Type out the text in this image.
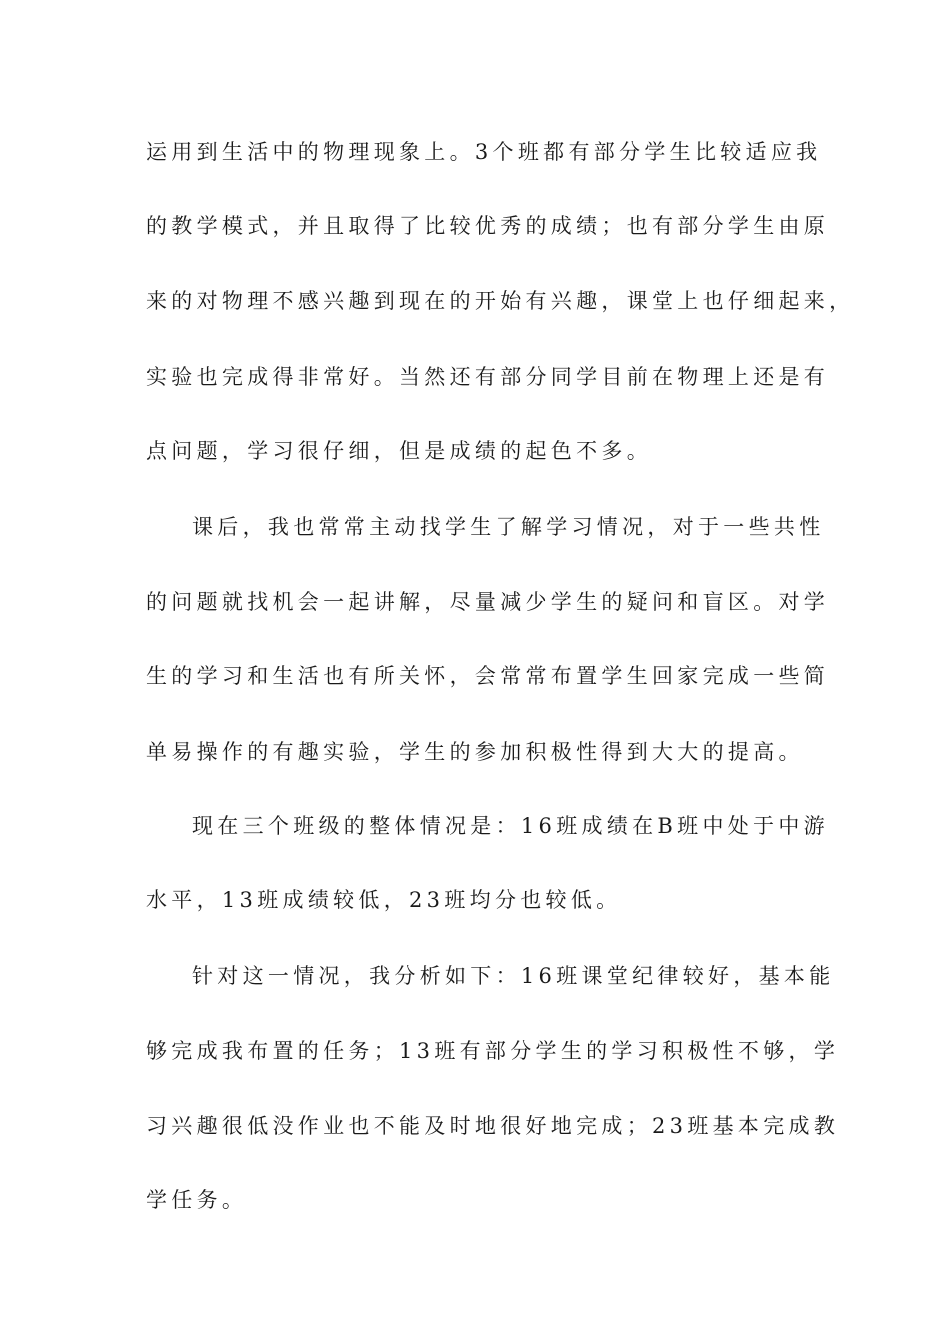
运用到生活中的物理现象上。3个班都有部分学生比较适应我
的教学模式，并且取得了比较优秀的成绩；也有部分学生由原
来的对物理不感兴趣到现在的开始有兴趣，课堂上也仔细起来，
实验也完成得非常好。当然还有部分同学目前在物理上还是有
点问题，学习很仔细，但是成绩的起色不多。
课后，我也常常主动找学生了解学习情况，对于一些共性
的问题就找机会一起讲解，尽量减少学生的疑问和盲区。对学
生的学习和生活也有所关怀，会常常布置学生回家完成一些简
单易操作的有趣实验，学生的参加积极性得到大大的提高。
现在三个班级的整体情况是：16班成绩在B班中处于中游
水平，13班成绩较低，23班均分也较低。
针对这一情况，我分析如下：16班课堂纪律较好，基本能
够完成我布置的任务；13班有部分学生的学习积极性不够，学
习兴趣很低没作业也不能及时地很好地完成；23班基本完成教
学任务。
